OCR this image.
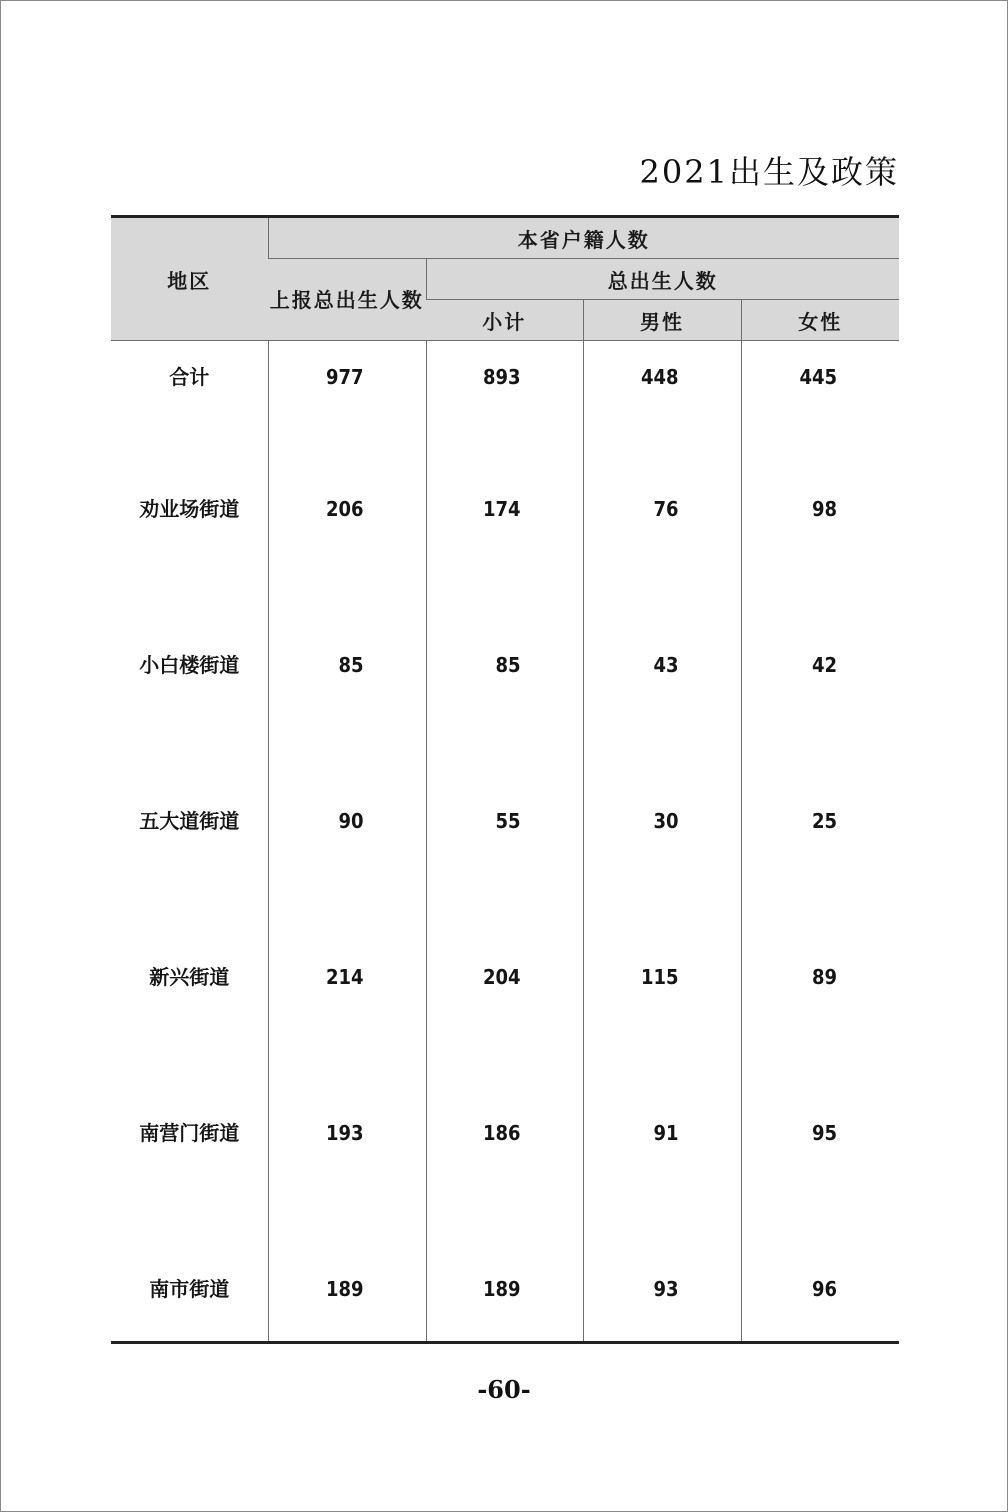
2021出生及政策
地区	本省户籍人数			
	上报总出生人数	总出生人数		
		小计	男性	女性
合计	977	893	448	445
劝业场街道	206	174	76	98
小白楼街道	85	85	43	42
五大道街道	90	55	30	25
新兴街道	214	204	115	89
南营门街道	193	186	91	95
南市街道	189	189	93	96
-60-
